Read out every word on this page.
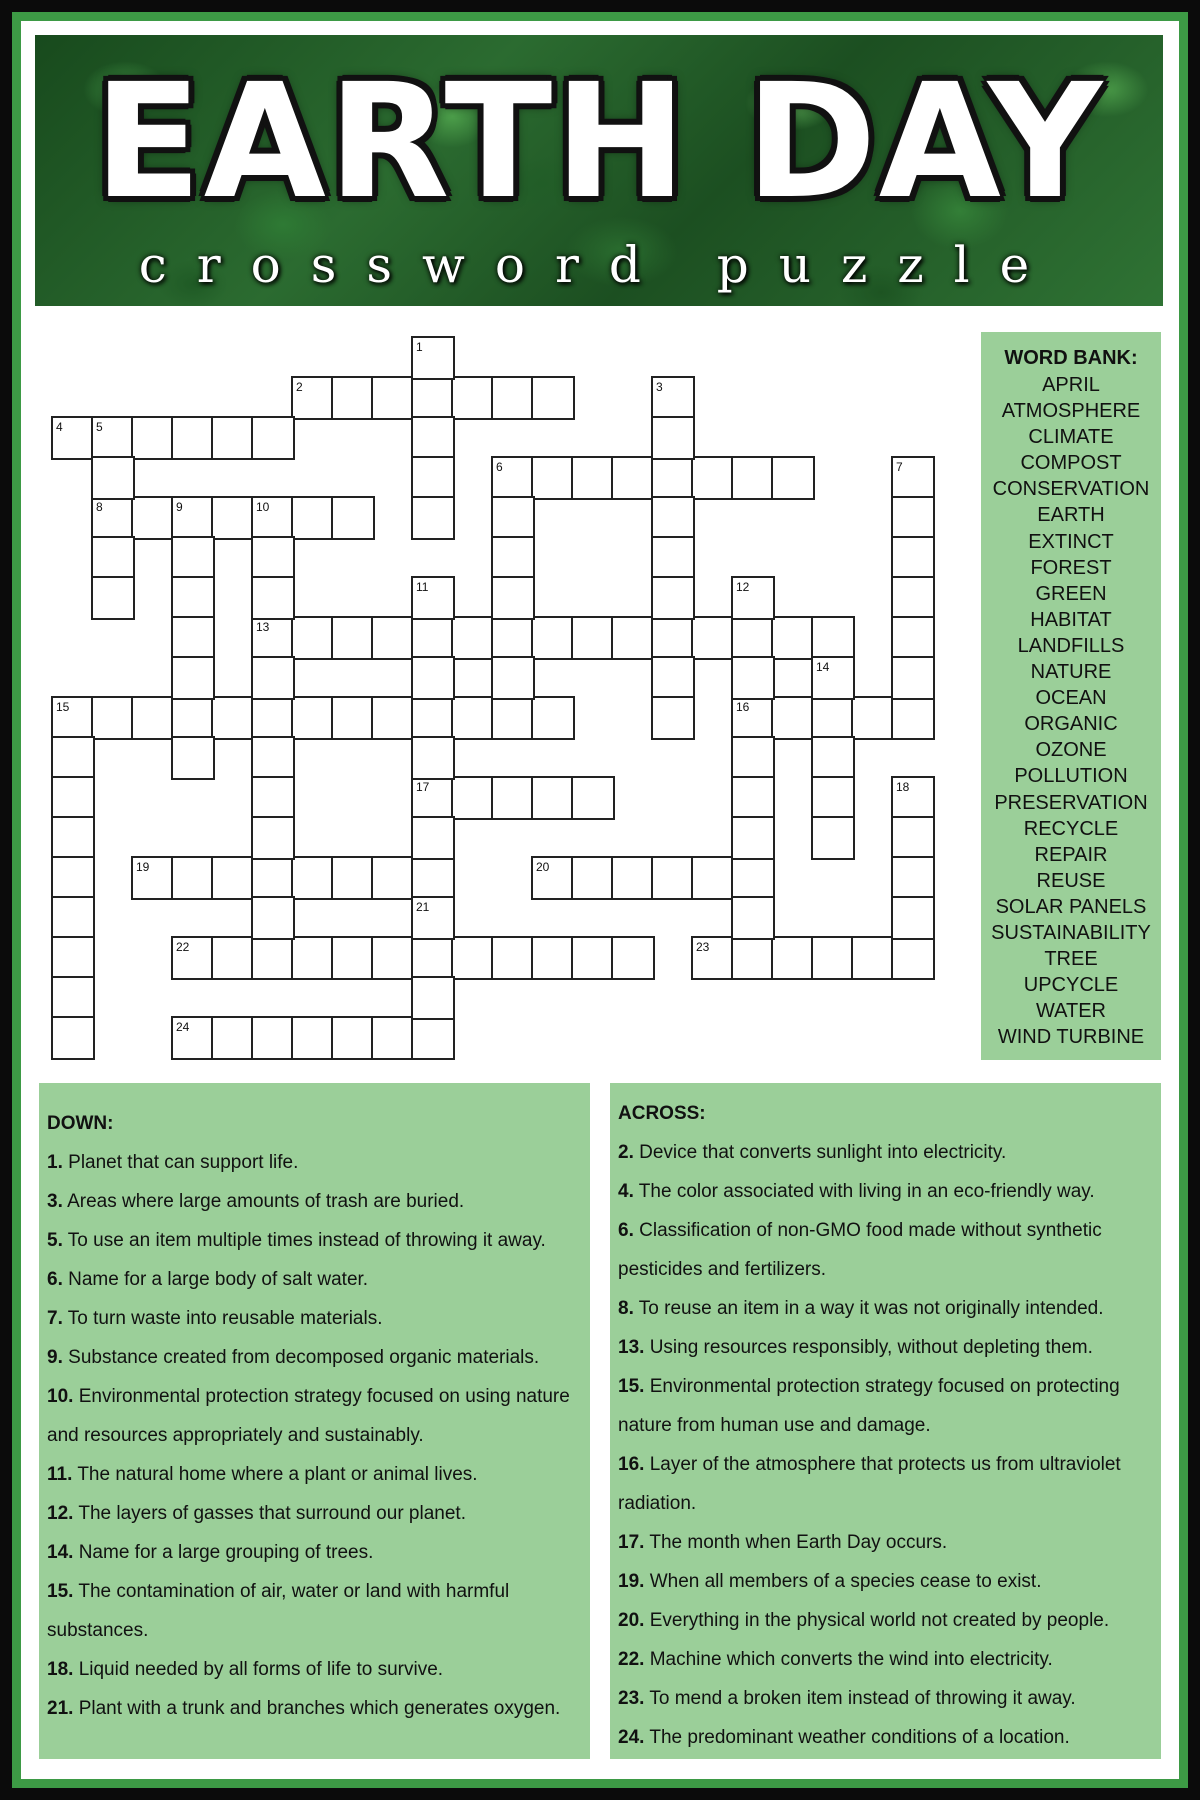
EARTH DAY
crossword puzzle
1
2	3
4	5
6	7
8	9	10
11	12
13
14
15	16
17	18
19	20
21
22	23
24
WORD BANK:
APRIL
ATMOSPHERE
CLIMATE
COMPOST
CONSERVATION
EARTH
EXTINCT
FOREST
GREEN
HABITAT
LANDFILLS
NATURE
OCEAN
ORGANIC
OZONE
POLLUTION
PRESERVATION
RECYCLE
REPAIR
REUSE
SOLAR PANELS
SUSTAINABILITY
TREE
UPCYCLE
WATER
WIND TURBINE
DOWN:
1. Planet that can support life.
3. Areas where large amounts of trash are buried.
5. To use an item multiple times instead of throwing it away.
6. Name for a large body of salt water.
7. To turn waste into reusable materials.
9. Substance created from decomposed organic materials.
10. Environmental protection strategy focused on using nature and resources appropriately and sustainably.
11. The natural home where a plant or animal lives.
12. The layers of gasses that surround our planet.
14. Name for a large grouping of trees.
15. The contamination of air, water or land with harmful substances.
18. Liquid needed by all forms of life to survive.
21. Plant with a trunk and branches which generates oxygen.
ACROSS:
2. Device that converts sunlight into electricity.
4. The color associated with living in an eco-friendly way.
6. Classification of non-GMO food made without synthetic pesticides and fertilizers.
8. To reuse an item in a way it was not originally intended.
13. Using resources responsibly, without depleting them.
15. Environmental protection strategy focused on protecting nature from human use and damage.
16. Layer of the atmosphere that protects us from ultraviolet radiation.
17. The month when Earth Day occurs.
19. When all members of a species cease to exist.
20. Everything in the physical world not created by people.
22. Machine which converts the wind into electricity.
23. To mend a broken item instead of throwing it away.
24. The predominant weather conditions of a location.
